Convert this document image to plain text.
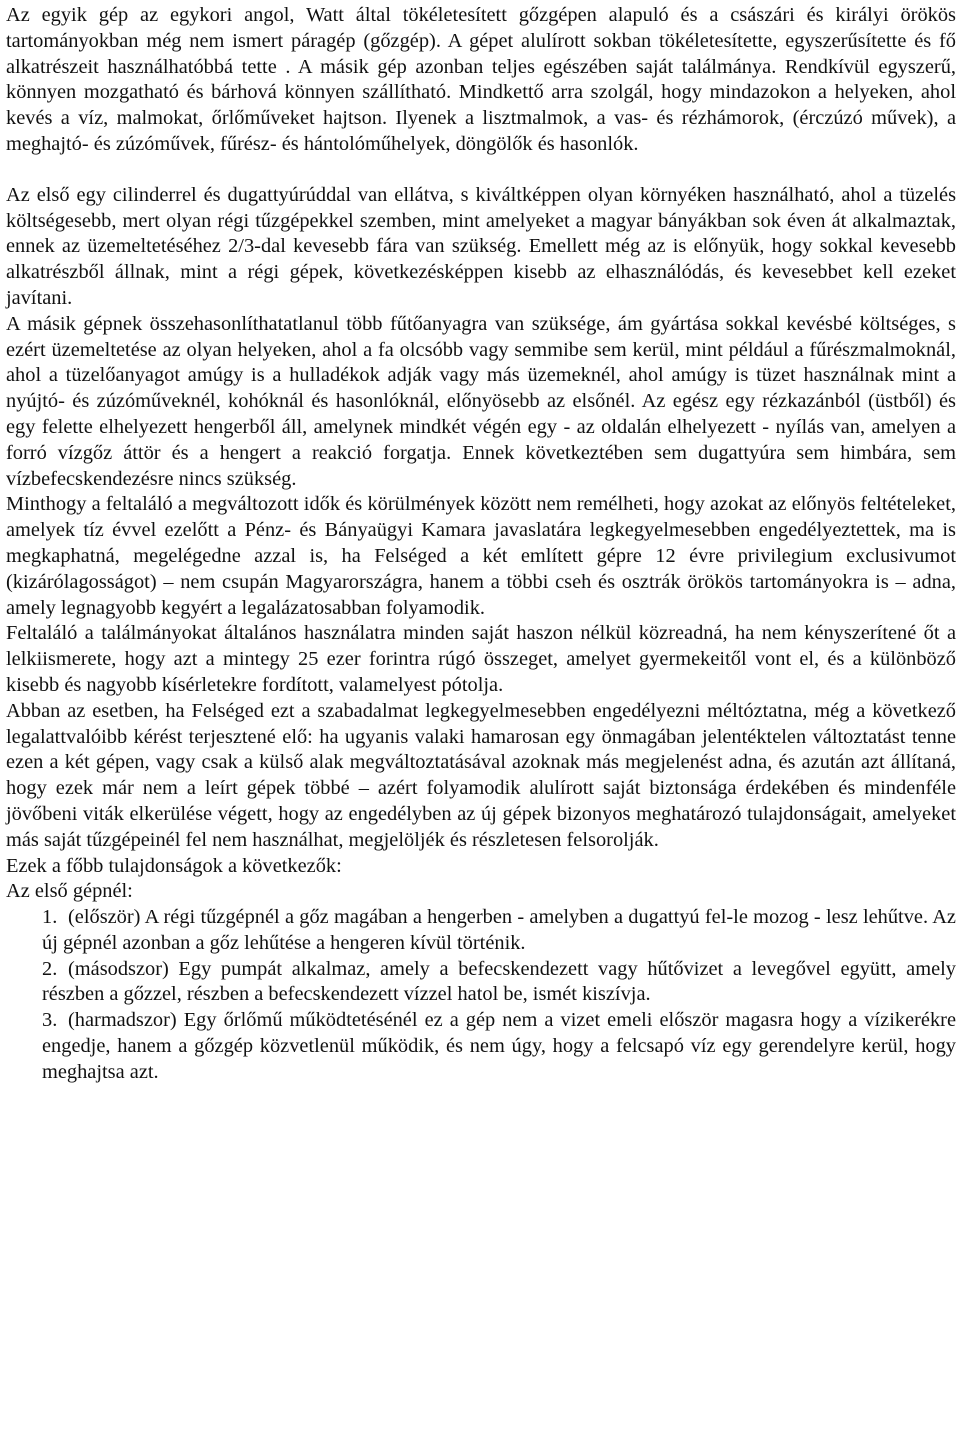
Az egyik gép az egykori angol, Watt által tökéletesített gőzgépen alapuló és a császári és királyi örökös tartományokban még nem ismert páragép (gőzgép). A gépet alulírott sokban tökéletesítette, egyszerűsítette és fő alkatrészeit használhatóbbá tette . A másik gép azonban teljes egészében saját találmánya. Rendkívül egyszerű, könnyen mozgatható és bárhová könnyen szállítható. Mindkettő arra szolgál, hogy mindazokon a helyeken, ahol kevés a víz, malmokat, őrlőműveket hajtson. Ilyenek a lisztmalmok, a vas- és rézhámorok, (érczúzó művek), a meghajtó- és zúzóművek, fűrész- és hántolóműhelyek, döngölők és hasonlók.

Az első egy cilinderrel és dugattyúrúddal van ellátva, s kiváltképpen olyan környéken használható, ahol a tüzelés költségesebb, mert olyan régi tűzgépekkel szemben, mint amelyeket a magyar bányákban sok éven át alkalmaztak, ennek az üzemeltetéséhez 2/3-dal kevesebb fára van szükség. Emellett még az is előnyük, hogy sokkal kevesebb alkatrészből állnak, mint a régi gépek, következésképpen kisebb az elhasználódás, és kevesebbet kell ezeket javítani.

A másik gépnek összehasonlíthatatlanul több fűtőanyagra van szüksége, ám gyártása sokkal kevésbé költséges, s ezért üzemeltetése az olyan helyeken, ahol a fa olcsóbb vagy semmibe sem kerül, mint például a fűrészmalmoknál, ahol a tüzelőanyagot amúgy is a hulladékok adják vagy más üzemeknél, ahol amúgy is tüzet használnak mint a nyújtó- és zúzóműveknél, kohóknál és hasonlóknál, előnyösebb az elsőnél. Az egész egy rézkazánból (üstből) és egy felette elhelyezett hengerből áll, amelynek mindkét végén egy - az oldalán elhelyezett - nyílás van, amelyen a forró vízgőz áttör és a hengert a reakció forgatja. Ennek következtében sem dugattyúra sem himbára, sem vízbefecskendezésre nincs szükség.

Minthogy a feltaláló a megváltozott idők és körülmények között nem remélheti, hogy azokat az előnyös feltételeket, amelyek tíz évvel ezelőtt a Pénz- és Bányaügyi Kamara javaslatára legkegyelmesebben engedélyeztettek, ma is megkaphatná, megelégedne azzal is, ha Felséged a két említett gépre 12 évre privilegium exclusivumot (kizárólagosságot) – nem csupán Magyarországra, hanem a többi cseh és osztrák örökös tartományokra is – adna, amely legnagyobb kegyért a legalázatosabban folyamodik.

Feltaláló a találmányokat általános használatra minden saját haszon nélkül közreadná, ha nem kényszerítené őt a lelkiismerete, hogy azt a mintegy 25 ezer forintra rúgó összeget, amelyet gyermekeitől vont el, és a különböző kisebb és nagyobb kísérletekre fordított, valamelyest pótolja.

Abban az esetben, ha Felséged ezt a szabadalmat legkegyelmesebben engedélyezni méltóztatna, még a következő legalattvalóibb kérést terjesztené elő: ha ugyanis valaki hamarosan egy önmagában jelentéktelen változtatást tenne ezen a két gépen, vagy csak a külső alak megváltoztatásával azoknak más megjelenést adna, és azután azt állítaná, hogy ezek már nem a leírt gépek többé – azért folyamodik alulírott saját biztonsága érdekében és mindenféle jövőbeni viták elkerülése végett, hogy az engedélyben az új gépek bizonyos meghatározó tulajdonságait, amelyeket más saját tűzgépeinél fel nem használhat, megjelöljék és részletesen felsorolják.

Ezek a főbb tulajdonságok a következők:

Az első gépnél:

1. (először) A régi tűzgépnél a gőz magában a hengerben - amelyben a dugattyú fel-le mozog - lesz lehűtve. Az új gépnél azonban a gőz lehűtése a hengeren kívül történik.
2. (másodszor) Egy pumpát alkalmaz, amely a befecskendezett vagy hűtővizet a levegővel együtt, amely részben a gőzzel, részben a befecskendezett vízzel hatol be, ismét kiszívja.
3. (harmadszor) Egy őrlőmű működtetésénél ez a gép nem a vizet emeli először magasra hogy a vízikerékre engedje, hanem a gőzgép közvetlenül működik, és nem úgy, hogy a felcsapó víz egy gerendelyre kerül, hogy meghajtsa azt.
